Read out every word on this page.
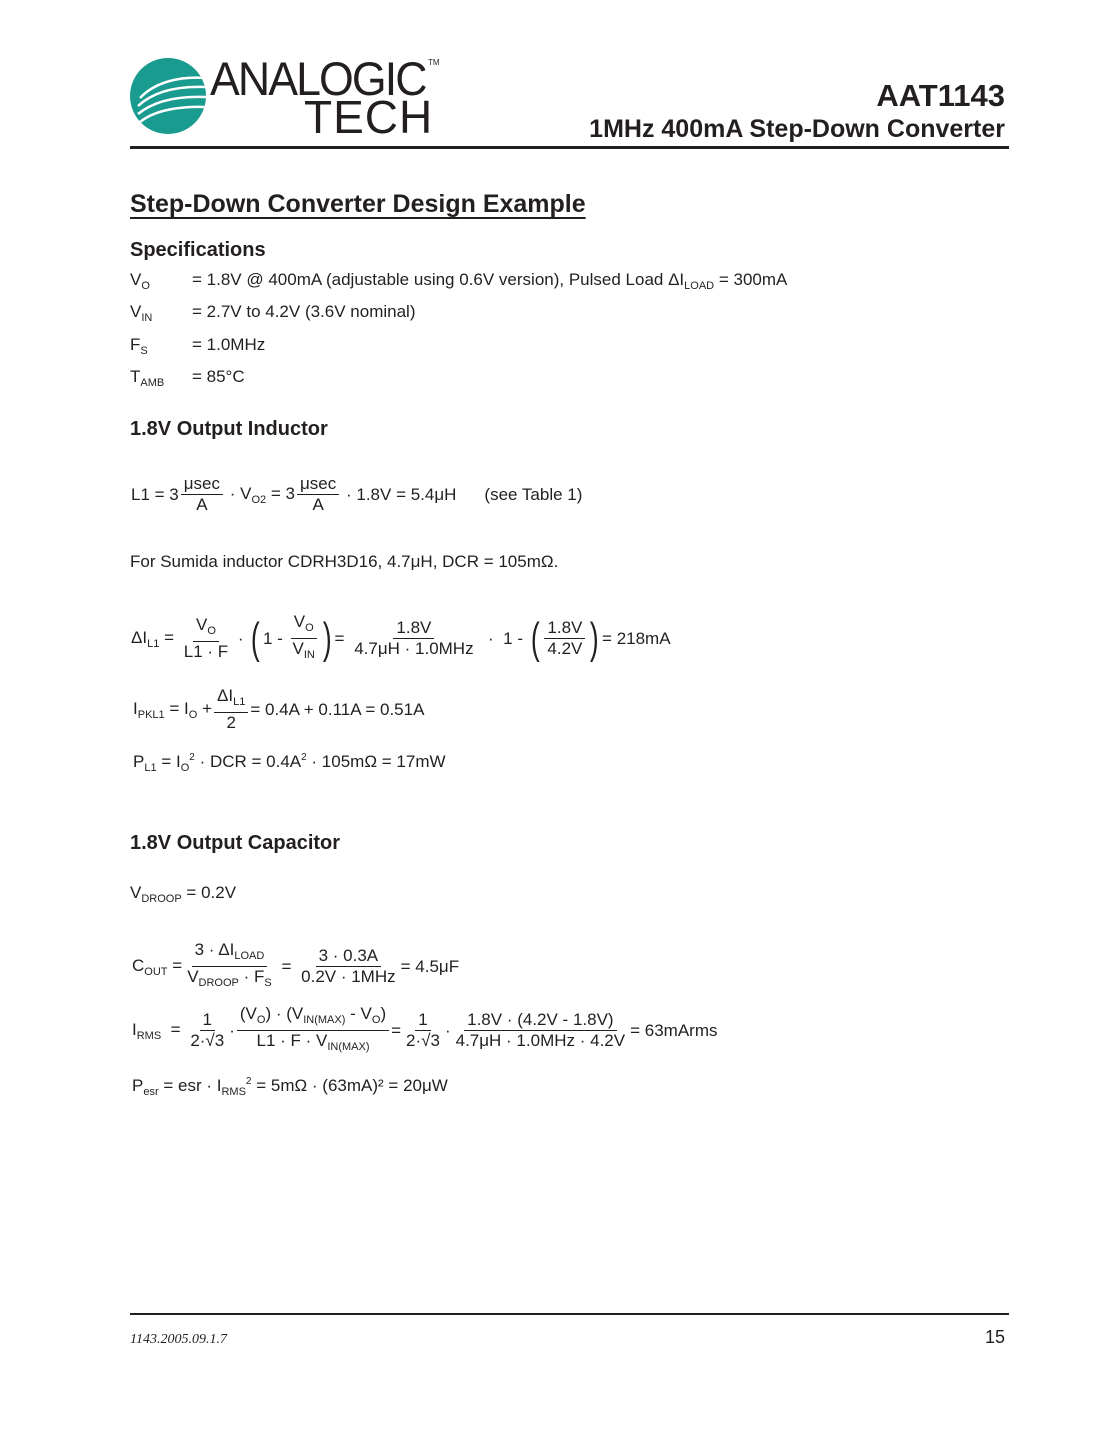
ANALOGIC TM
TECH	AAT1143
1MHz 400mA Step-Down Converter
Step-Down Converter Design Example
Specifications
$V_O = 1.8V$ @ 400mA (adjustable using 0.6V version), Pulsed Load $\Delta I_{LOAD} = 300mA$
$V_{IN} = 2.7V$ to 4.2V (3.6V nominal)
$F_S$	= 1.0MHz
$T_{AMB} = 85^\circ C$
1.8V Output Inductor
$L1 = 3 \frac{\mu\sec}{A} \cdot V_{O2} = 3 \frac{\mu\sec}{A} \cdot 1.8V = 5.4\mu H$ (see Table 1)
For Sumida inductor CDRH3D16, 4.7μH, DCR = 105mΩ.
$\Delta I_{L1} = \frac{V_O}{L1 \cdot F}$ · ( 1 -
$\frac{V_O}{V_{IN}}$ ) =
$\frac{1.8V}{\text{4.7μH · 1.0MHz}} \cdot 1$ - ( $\frac{1.8V}{4.2V}$ ) = 218mA
$I_{PKL1} = I_O + \frac{\Delta I_{L1}}{2} = 0.4A + 0.11A = 0.51A$
$P_{L1} = I_O^2$ · DCR = $0.4A^2 \cdot 105m\Omega = 17mW$
1.8V Output Capacitor
$V_{DROOP} = 0.2V$
$C_{OUT} = \frac{3 \cdot \Delta I_{LOAD}}{V_{DROOP} \cdot F_S} = \frac{3 \cdot 0.3A}{\text{0.2V · 1MHz}} = 4.5\mu F$
$I_{RMS} = \frac{1}{2\cdot√3} \cdot \frac{(V_O) \cdot (V_{IN(MAX)} - V_O)}{L1 \cdot F \cdot V_{IN(MAX)}} = \frac{1}{2\cdot√3} \cdot \frac{1.8V \cdot (4.2V - 1.8V)}{\text{4.7μH · 1.0MHz · 4.2V}}$ = 63mArms
$P_{esr}$ = esr · $I_{RMS}^2 = 5m\Omega \cdot (63mA)^2 = 20\mu W$
1143.2005.09.1.7	15
